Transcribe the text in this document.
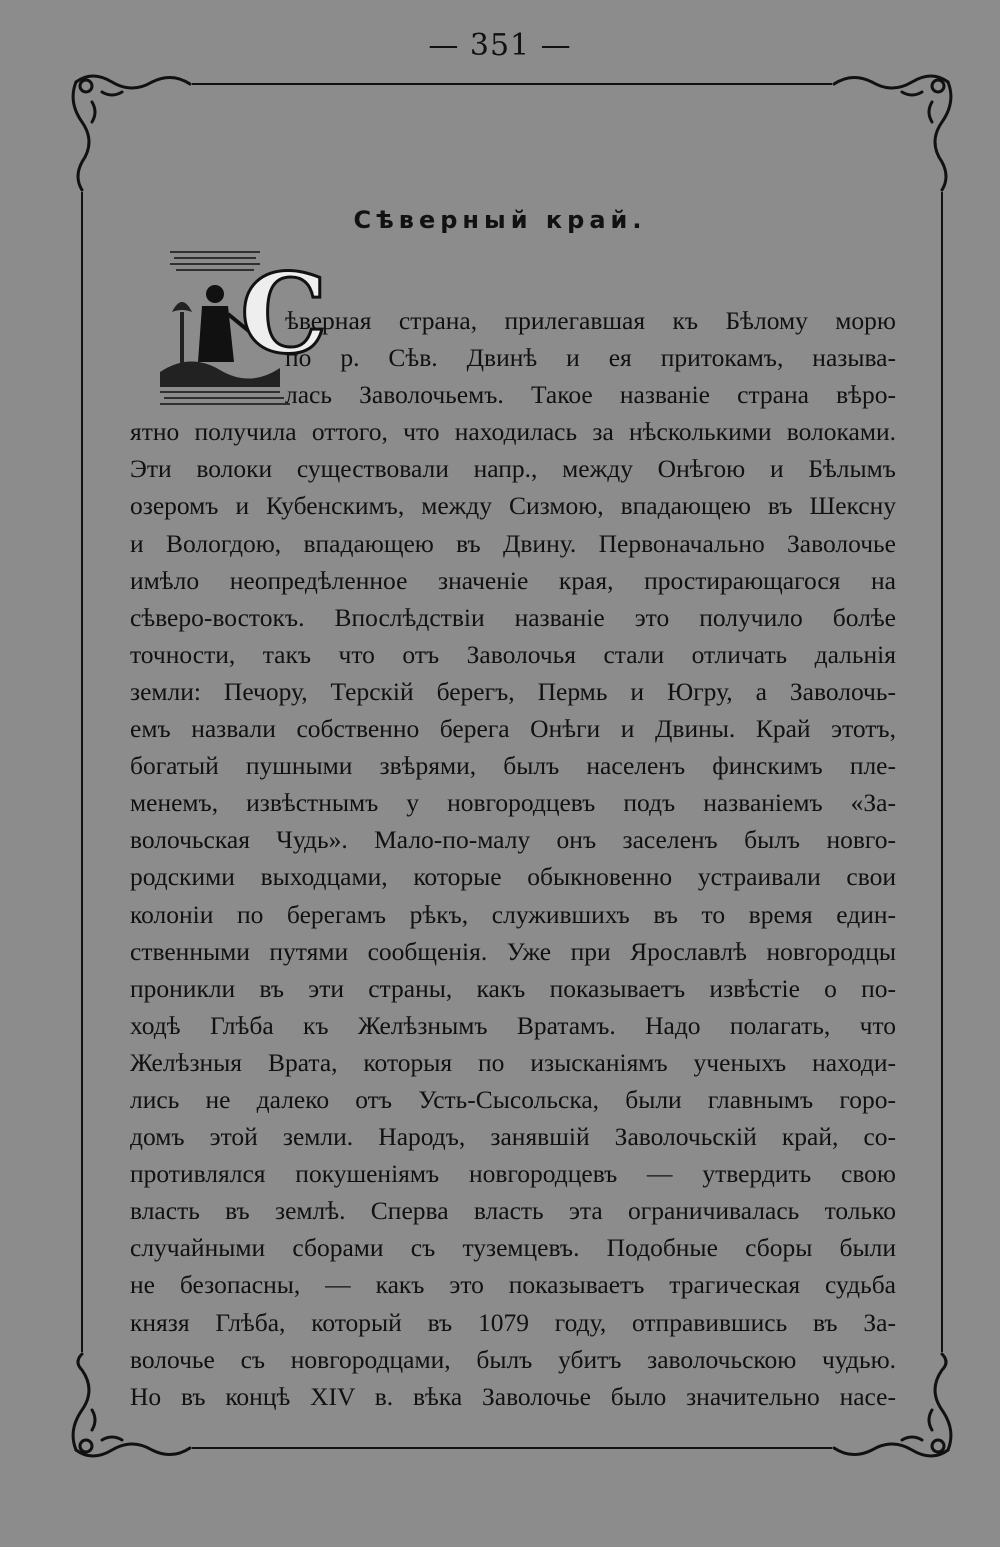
— 351 —
Сѣверный край.
С
ѣверная страна, прилегавшая къ Бѣлому морю
по р. Сѣв. Двинѣ и ея притокамъ, называ-
лась Заволочьемъ. Такое названіе страна вѣро-
ятно получила оттого, что находилась за нѣсколькими волоками.
Эти волоки существовали напр., между Онѣгою и Бѣлымъ
озеромъ и Кубенскимъ, между Сизмою, впадающею въ Шексну
и Вологдою, впадающею въ Двину. Первоначально Заволочье
имѣло неопредѣленное значеніе края, простирающагося на
сѣверо-востокъ. Впослѣдствіи названіе это получило болѣе
точности, такъ что отъ Заволочья стали отличать дальнія
земли: Печору, Терскій берегъ, Пермь и Югру, а Заволочь-
емъ назвали собственно берега Онѣги и Двины. Край этотъ,
богатый пушными звѣрями, былъ населенъ финскимъ пле-
менемъ, извѣстнымъ у новгородцевъ подъ названіемъ «За-
волочьская Чудь». Мало-по-малу онъ заселенъ былъ новго-
родскими выходцами, которые обыкновенно устраивали свои
колоніи по берегамъ рѣкъ, служившихъ въ то время един-
ственными путями сообщенія. Уже при Ярославлѣ новгородцы
проникли въ эти страны, какъ показываетъ извѣстіе о по-
ходѣ Глѣба къ Желѣзнымъ Вратамъ. Надо полагать, что
Желѣзныя Врата, которыя по изысканіямъ ученыхъ находи-
лись не далеко отъ Усть-Сысольска, были главнымъ горо-
домъ этой земли. Народъ, занявшій Заволочьскій край, со-
противлялся покушеніямъ новгородцевъ — утвердить свою
власть въ землѣ. Сперва власть эта ограничивалась только
случайными сборами съ туземцевъ. Подобные сборы были
не безопасны, — какъ это показываетъ трагическая судьба
князя Глѣба, который въ 1079 году, отправившись въ За-
волочье съ новгородцами, былъ убитъ заволочьскою чудью.
Но въ концѣ XIV в. вѣка Заволочье было значительно насе-
